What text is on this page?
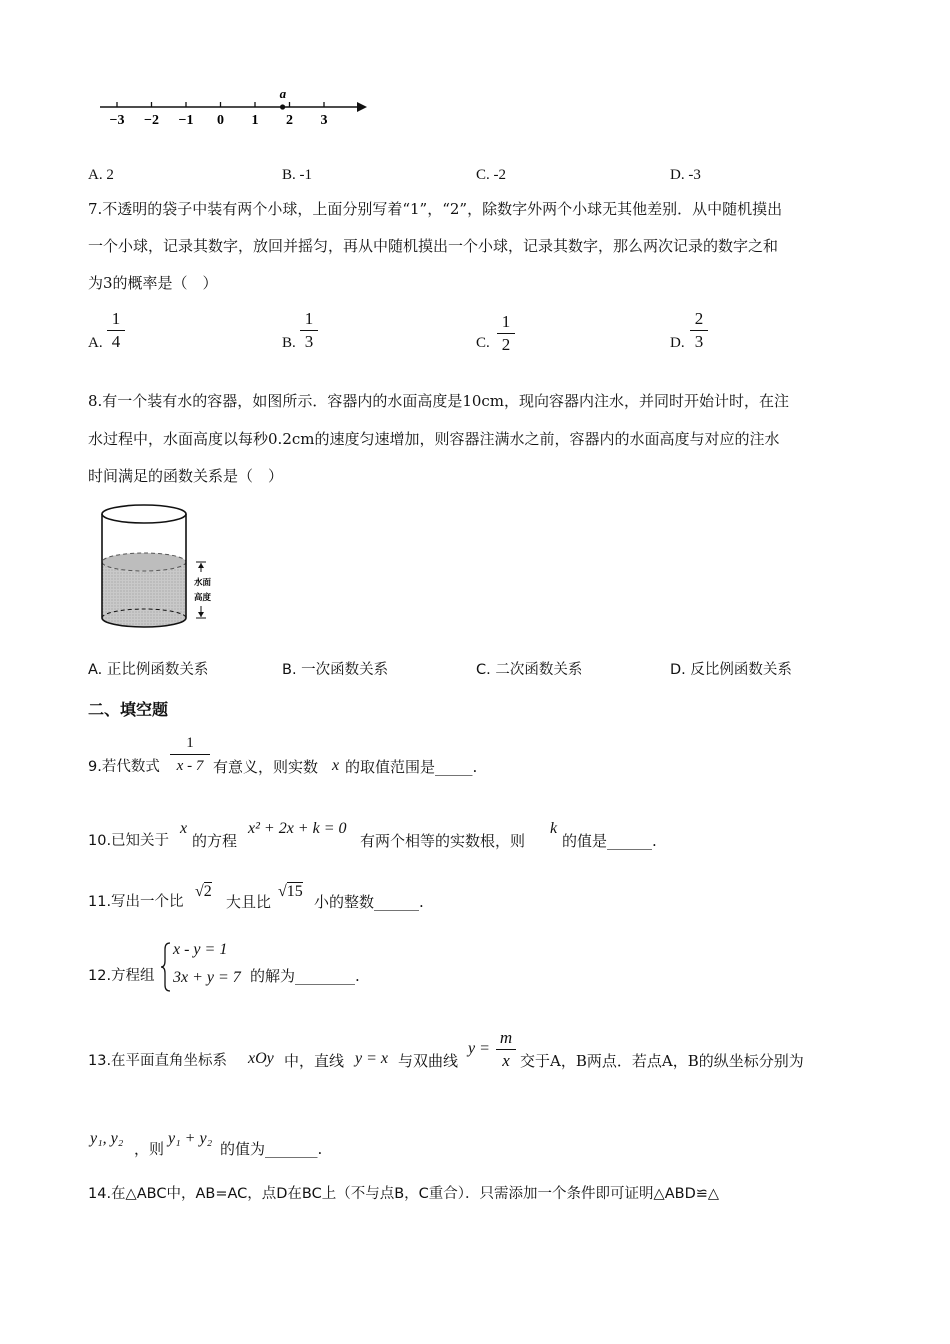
−3 −2 −1 0 1 2 3
a
A. 2	B. -1	C. -2	D. -3
7.不透明的袋子中装有两个小球，上面分别写着“1”，“2”，除数字外两个小球无其他差别．从中随机摸出
一个小球，记录其数字，放回并摇匀，再从中随机摸出一个小球，记录其数字，那么两次记录的数字之和
为3的概率是（　）
A.
1
4	B.
1
3	C.
1
2	D.
2
3
8.有一个装有水的容器，如图所示．容器内的水面高度是10cm，现向容器内注水，并同时开始计时，在注
水过程中，水面高度以每秒0.2cm的速度匀速增加，则容器注满水之前，容器内的水面高度与对应的注水
时间满足的函数关系是（　）
水面
高度
A. 正比例函数关系	B. 一次函数关系	C. 二次函数关系	D. 反比例函数关系
二、填空题
9.若代数式
1
x - 7 有意义，则实数 x 的取值范围是_____.
10.已知关于
x
的方程
x² + 2x + k = 0
有两个相等的实数根，则
k
的值是______.
11.写出一个比
√2
大且比
√15
小的整数______.
12.方程组
x - y = 1
3x + y = 7 的解为________.
13.在平面直角坐标系 xOy 中，直线 y = x 与双曲线
y =
m
x 交于A，B两点．若点A，B的纵坐标分别为
y₁, y₂
，则
y₁ + y₂
的值为_______.
14.在△ABC中，AB=AC，点D在BC上（不与点B，C重合）．只需添加一个条件即可证明△ABD≌△
